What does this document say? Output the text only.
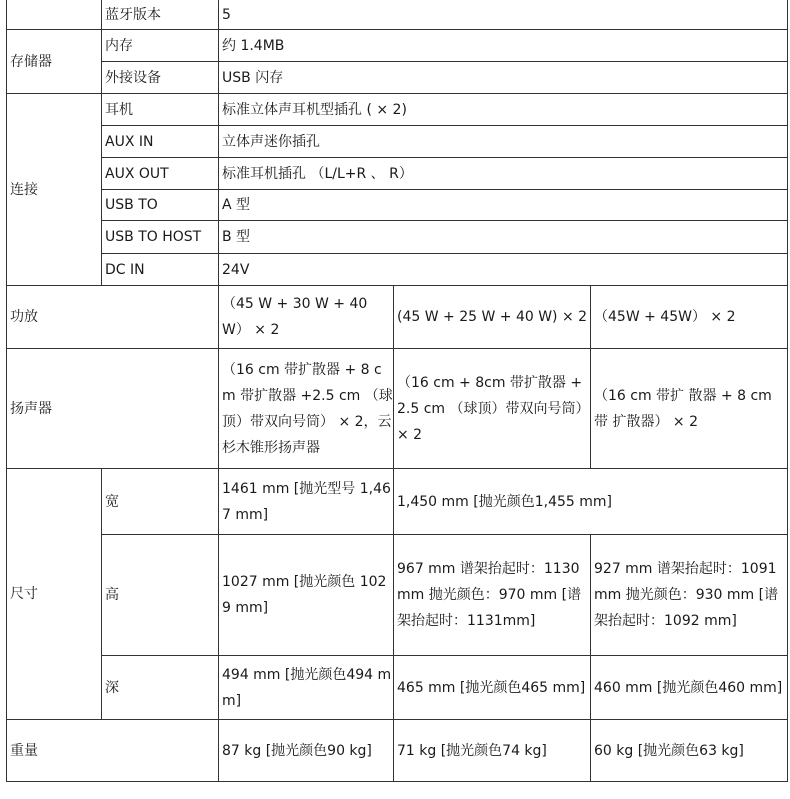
	蓝牙版本	5		
存储器	内存	约 1.4MB		
	外接设备	USB 闪存		
连接	耳机	标准立体声耳机型插孔 ( × 2)		
	AUX IN	立体声迷你插孔		
	AUX OUT	标准耳机插孔 （L/L+R 、 R）		
	USB TO	A 型		
	USB TO HOST	B 型		
	DC IN	24V		
功放		（45 W + 30 W + 40 W） × 2	(45 W + 25 W + 40 W) × 2	（45W + 45W） × 2
扬声器		（16 cm 带扩散器 + 8 cm 带扩散器 +2.5 cm （球顶）带双向号筒） × 2，云杉木锥形扬声器	（16 cm + 8cm 带扩散器 +2.5 cm （球顶）带双向号筒） × 2	（16 cm 带扩 散器 + 8 cm 带 扩散器） × 2
尺寸	宽	1461 mm [抛光型号 1,467 mm]	1,450 mm [抛光颜色1,455 mm]	
	高	1027 mm [抛光颜色 1029 mm]	967 mm 谱架抬起时：1130 mm 抛光颜色：970 mm [谱架抬起时：1131mm]	927 mm 谱架抬起时：1091 mm 抛光颜色：930 mm [谱架抬起时：1092 mm]
	深	494 mm [抛光颜色494 mm]	465 mm [抛光颜色465 mm]	460 mm [抛光颜色460 mm]
重量		87 kg [抛光颜色90 kg]	71 kg [抛光颜色74 kg]	60 kg [抛光颜色63 kg]
